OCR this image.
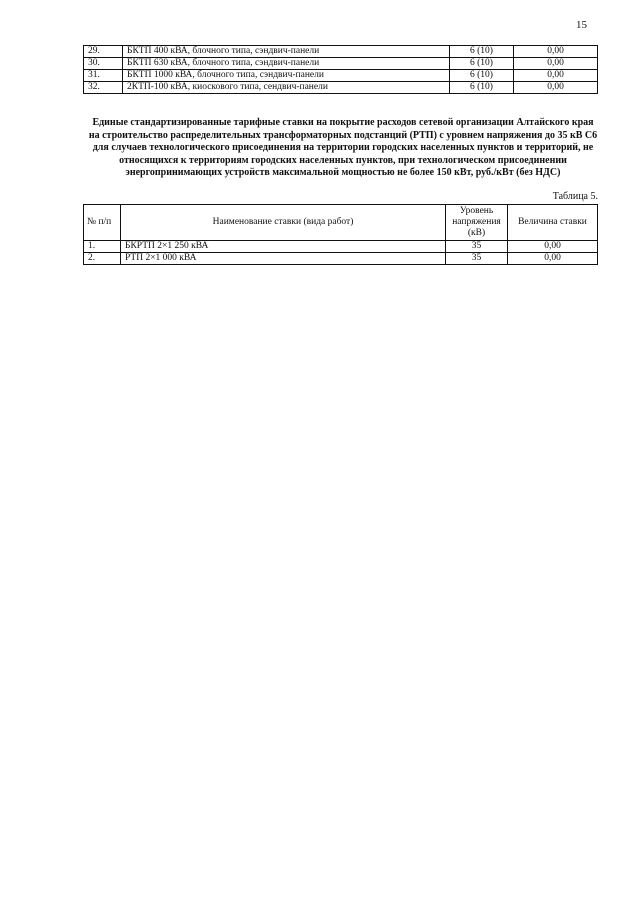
15
29.	БКТП 400 кВА, блочного типа, сэндвич-панели	6 (10)	0,00
30.	БКТП 630 кВА, блочного типа, сэндвич-панели	6 (10)	0,00
31.	БКТП 1000 кВА, блочного типа, сэндвич-панели	6 (10)	0,00
32.	2КТП-100 кВА, киоскового типа, сендвич-панели	6 (10)	0,00
Единые стандартизированные тарифные ставки на покрытие расходов сетевой организации Алтайского края на строительство распределительных трансформаторных подстанций (РТП) с уровнем напряжения до 35 кВ С6 для случаев технологического присоединения на территории городских населенных пунктов и территорий, не относящихся к территориям городских населенных пунктов, при технологическом присоединении энергопринимающих устройств максимальной мощностью не более 150 кВт, руб./кВт (без НДС)
Таблица 5.
№ п/п	Наименование ставки (вида работ)	Уровень напряжения (кВ)	Величина ставки
1.	БКРТП 2×1 250 кВА	35	0,00
2.	РТП 2×1 000 кВА	35	0,00
